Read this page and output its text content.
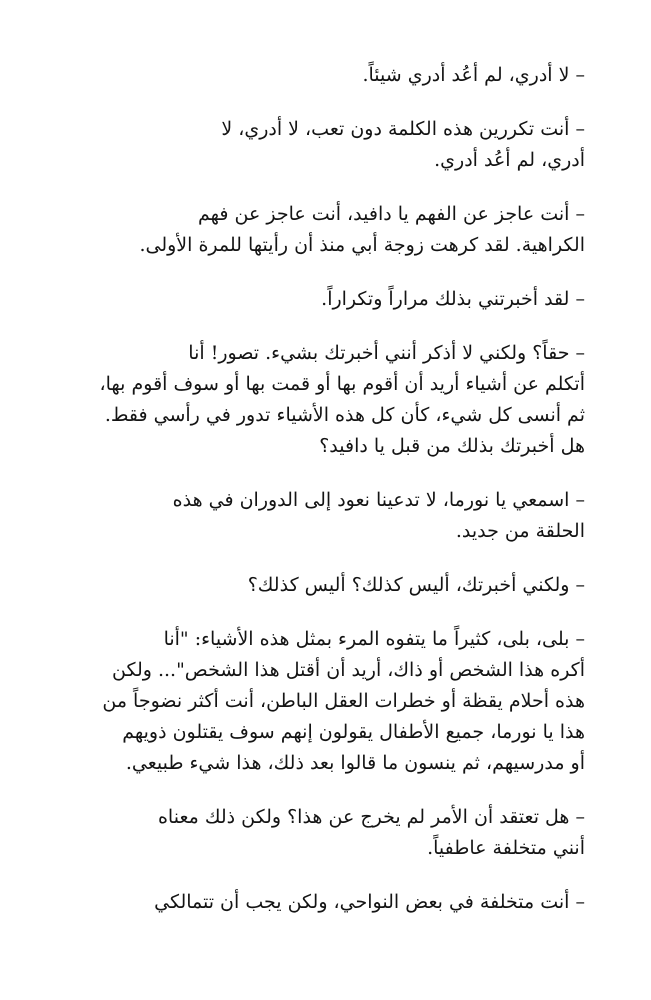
– لا أدري، لم أعُد أدري شيئاً.

– أنت تكررين هذه الكلمة دون تعب، لا أدري، لا
أدري، لم أعُد أدري.

– أنت عاجز عن الفهم يا دافيد، أنت عاجز عن فهم
الكراهية. لقد كرهت زوجة أبي منذ أن رأيتها للمرة الأولى.

– لقد أخبرتني بذلك مراراً وتكراراً.

– حقاً؟ ولكني لا أذكر أنني أخبرتك بشيء. تصور! أنا
أتكلم عن أشياء أريد أن أقوم بها أو قمت بها أو سوف أقوم بها،
ثم أنسى كل شيء، كأن كل هذه الأشياء تدور في رأسي فقط.
هل أخبرتك بذلك من قبل يا دافيد؟

– اسمعي يا نورما، لا تدعينا نعود إلى الدوران في هذه
الحلقة من جديد.

– ولكني أخبرتك، أليس كذلك؟ أليس كذلك؟

– بلى، بلى، كثيراً ما يتفوه المرء بمثل هذه الأشياء: "أنا
أكره هذا الشخص أو ذاك، أريد أن أقتل هذا الشخص"... ولكن
هذه أحلام يقظة أو خطرات العقل الباطن، أنت أكثر نضوجاً من
هذا يا نورما، جميع الأطفال يقولون إنهم سوف يقتلون ذويهم
أو مدرسيهم، ثم ينسون ما قالوا بعد ذلك، هذا شيء طبيعي.

– هل تعتقد أن الأمر لم يخرج عن هذا؟ ولكن ذلك معناه
أنني متخلفة عاطفياً.

– أنت متخلفة في بعض النواحي، ولكن يجب أن تتمالكي
